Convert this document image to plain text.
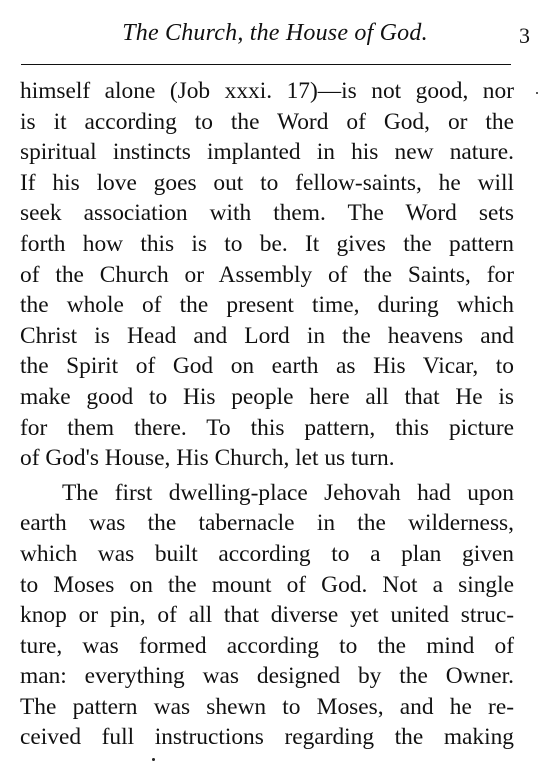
The Church, the House of God.	3
himself alone (Job xxxi. 17)—is not good, nor
is it according to the Word of God, or the
spiritual instincts implanted in his new nature.
If his love goes out to fellow-saints, he will
seek association with them. The Word sets
forth how this is to be. It gives the pattern
of the Church or Assembly of the Saints, for
the whole of the present time, during which
Christ is Head and Lord in the heavens and
the Spirit of God on earth as His Vicar, to
make good to His people here all that He is
for them there. To this pattern, this picture
of God's House, His Church, let us turn.
The first dwelling-place Jehovah had upon
earth was the tabernacle in the wilderness,
which was built according to a plan given
to Moses on the mount of God. Not a single
knop or pin, of all that diverse yet united struc-
ture, was formed according to the mind of
man: everything was designed by the Owner.
The pattern was shewn to Moses, and he re-
ceived full instructions regarding the making
